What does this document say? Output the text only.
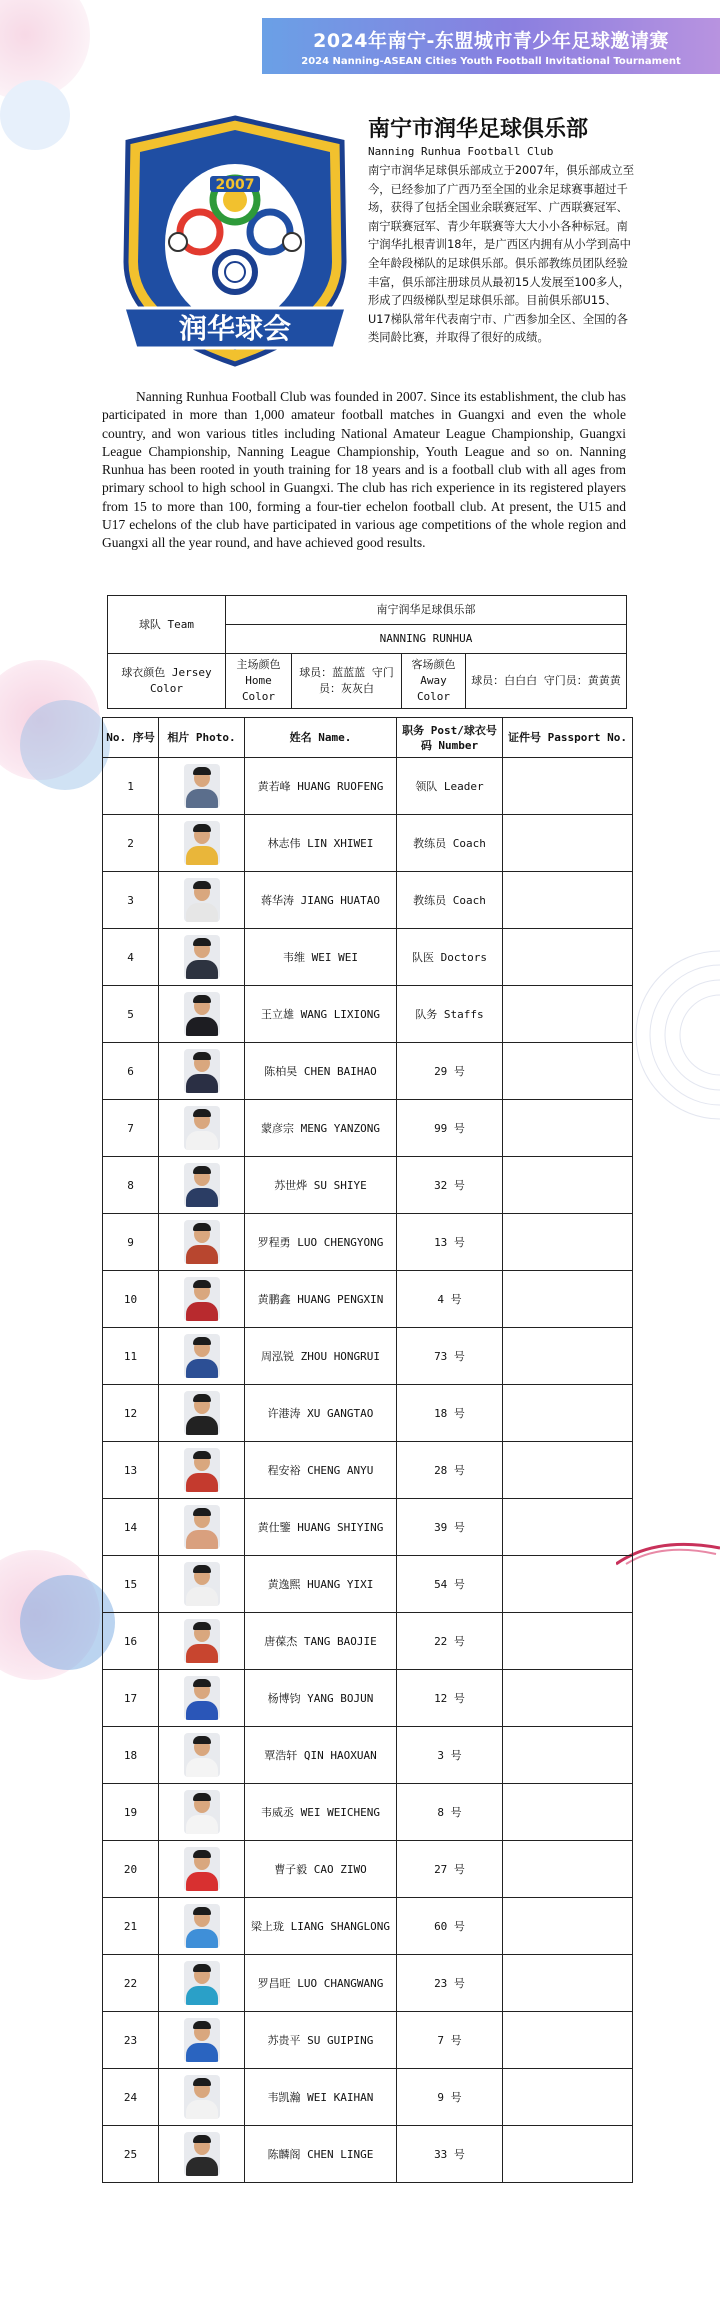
2024年南宁-东盟城市青少年足球邀请赛
2024 Nanning-ASEAN Cities Youth Football Invitational Tournament
2007
润华球会
南宁市润华足球俱乐部
Nanning Runhua Football Club
南宁市润华足球俱乐部成立于2007年，俱乐部成立至今，已经参加了广西乃至全国的业余足球赛事超过千场，获得了包括全国业余联赛冠军、广西联赛冠军、南宁联赛冠军、青少年联赛等大大小小各种标冠。南宁润华扎根青训18年，是广西区内拥有从小学到高中全年龄段梯队的足球俱乐部。俱乐部教练员团队经验丰富，俱乐部注册球员从最初15人发展至100多人，形成了四级梯队型足球俱乐部。目前俱乐部U15、U17梯队常年代表南宁市、广西参加全区、全国的各类同龄比赛，并取得了很好的成绩。

Nanning Runhua Football Club was founded in 2007. Since its establishment, the club has participated in more than 1,000 amateur football matches in Guangxi and even the whole country, and won various titles including National Amateur League Championship, Guangxi League Championship, Nanning League Championship, Youth League and so on. Nanning Runhua has been rooted in youth training for 18 years and is a football club with all ages from primary school to high school in Guangxi. The club has rich experience in its registered players from 15 to more than 100, forming a four-tier echelon football club. At present, the U15 and U17 echelons of the club have participated in various age competitions of the whole region and Guangxi all the year round, and have achieved good results.

球队 Team	南宁润华足球俱乐部			
	NANNING RUNHUA			
球衣颜色 Jersey Color	主场颜色 Home Color	球员：蓝蓝蓝 守门员：灰灰白	客场颜色 Away Color	球员：白白白 守门员：黄黄黄
No. 序号	相片 Photo.	姓名 Name.	职务 Post/球衣号码 Number	证件号 Passport No.
1		黄若峰 HUANG RUOFENG	领队 Leader	
2		林志伟 LIN XHIWEI	教练员 Coach	
3		蒋华涛 JIANG HUATAO	教练员 Coach	
4		韦维 WEI WEI	队医 Doctors	
5		王立雄 WANG LIXIONG	队务 Staffs	
6		陈柏昊 CHEN BAIHAO	29 号	
7		蒙彦宗 MENG YANZONG	99 号	
8		苏世烨 SU SHIYE	32 号	
9		罗程勇 LUO CHENGYONG	13 号	
10		黄鹏鑫 HUANG PENGXIN	4 号	
11		周泓锐 ZHOU HONGRUI	73 号	
12		许港涛 XU GANGTAO	18 号	
13		程安裕 CHENG ANYU	28 号	
14		黄仕鑒 HUANG SHIYING	39 号	
15		黄逸熙 HUANG YIXI	54 号	
16		唐葆杰 TANG BAOJIE	22 号	
17		杨博钧 YANG BOJUN	12 号	
18		覃浩轩 QIN HAOXUAN	3 号	
19		韦威丞 WEI WEICHENG	8 号	
20		曹子毅 CAO ZIWO	27 号	
21		梁上珑 LIANG SHANGLONG	60 号	
22		罗昌旺 LUO CHANGWANG	23 号	
23		苏贵平 SU GUIPING	7 号	
24		韦凯瀚 WEI KAIHAN	9 号	
25		陈麟阁 CHEN LINGE	33 号	
